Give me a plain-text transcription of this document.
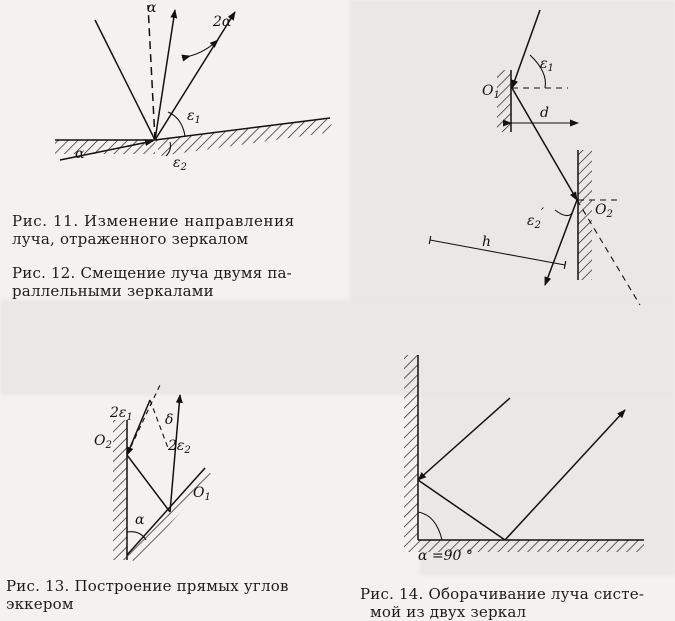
α
2α
$\varepsilon_1$
$\varepsilon_2$
α
$O_1$
$\varepsilon_1$
d
$\varepsilon_2'$	$O_2$
h
$2\varepsilon_1$ δ
$O_2$	$2\varepsilon_2$
α
$O_1$
α =90 °
Рис. 11. Изменение направления
луча, отраженного зеркалом
Рис. 12. Смещение луча двумя па-
раллельными зеркалами
Рис. 13. Построение прямых углов
эккером
Рис. 14. Оборачивание луча систе-
мой из двух зеркал
